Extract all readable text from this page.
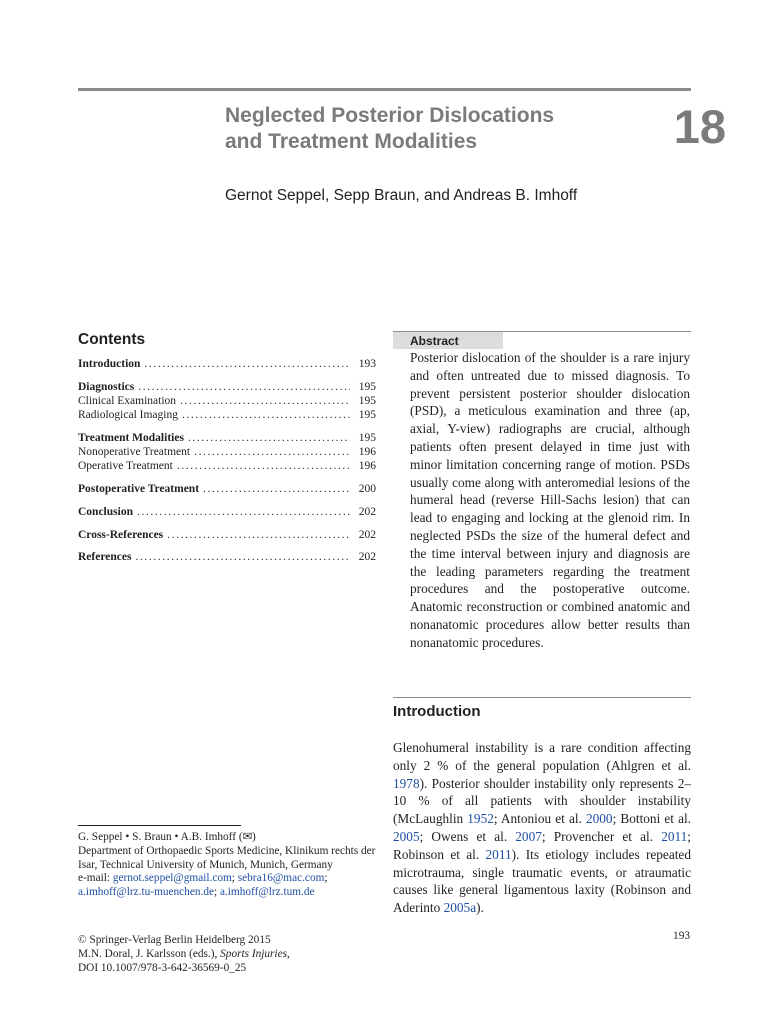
Neglected Posterior Dislocations
and Treatment Modalities	18
Gernot Seppel, Sepp Braun, and Andreas B. Imhoff
Contents
Introduction .....	193
Diagnostics .....	195
Clinical Examination .....	195
Radiological Imaging .....	195
Treatment Modalities .....	195
Nonoperative Treatment .....	196
Operative Treatment .....	196
Postoperative Treatment .....	200
Conclusion .....	202
Cross-References .....	202
References .....	202
Abstract

Posterior dislocation of the shoulder is a rare injury and often untreated due to missed diagnosis. To prevent persistent posterior shoulder dislocation (PSD), a meticulous examination and three (ap, axial, Y-view) radiographs are crucial, although patients often present delayed in time just with minor limitation concerning range of motion. PSDs usually come along with anteromedial lesions of the humeral head (reverse Hill-Sachs lesion) that can lead to engaging and locking at the glenoid rim. In neglected PSDs the size of the humeral defect and the time interval between injury and diagnosis are the leading parameters regarding the treatment procedures and the postoperative outcome. Anatomic reconstruction or combined anatomic and nonanatomic procedures allow better results than nonanatomic procedures.

Introduction

Glenohumeral instability is a rare condition affecting only 2 % of the general population (Ahlgren et al. 1978). Posterior shoulder instability only represents 2–10 % of all patients with shoulder instability (McLaughlin 1952; Antoniou et al. 2000; Bottoni et al. 2005; Owens et al. 2007; Provencher et al. 2011; Robinson et al. 2011). Its etiology includes repeated microtrauma, single traumatic events, or atraumatic causes like general ligamentous laxity (Robinson and Aderinto 2005a).

G. Seppel • S. Braun • A.B. Imhoff (✉)
Department of Orthopaedic Sports Medicine, Klinikum rechts der Isar, Technical University of Munich, Munich, Germany
e-mail: gernot.seppel@gmail.com; sebra16@mac.com;
a.imhoff@lrz.tu-muenchen.de; a.imhoff@lrz.tum.de
© Springer-Verlag Berlin Heidelberg 2015
M.N. Doral, J. Karlsson (eds.), Sports Injuries,
DOI 10.1007/978-3-642-36569-0_25
193
